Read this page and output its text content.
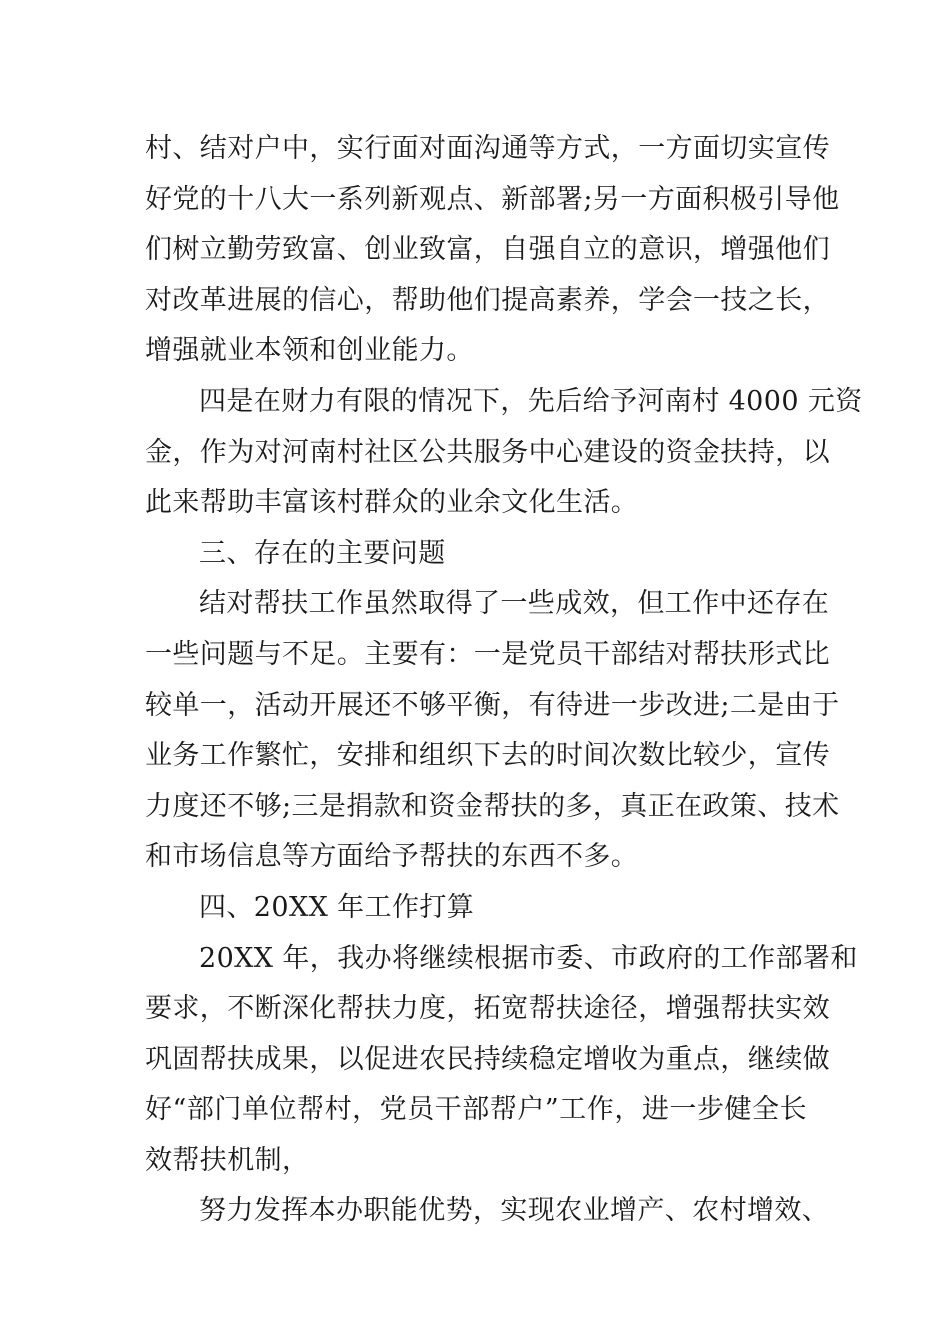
村、结对户中，实行面对面沟通等方式，一方面切实宣传
好党的十八大一系列新观点、新部署;另一方面积极引导他
们树立勤劳致富、创业致富，自强自立的意识，增强他们
对改革进展的信心，帮助他们提高素养，学会一技之长，
增强就业本领和创业能力。
四是在财力有限的情况下，先后给予河南村 4000 元资
金，作为对河南村社区公共服务中心建设的资金扶持，以
此来帮助丰富该村群众的业余文化生活。
三、存在的主要问题
结对帮扶工作虽然取得了一些成效，但工作中还存在
一些问题与不足。主要有：一是党员干部结对帮扶形式比
较单一，活动开展还不够平衡，有待进一步改进;二是由于
业务工作繁忙，安排和组织下去的时间次数比较少，宣传
力度还不够;三是捐款和资金帮扶的多，真正在政策、技术
和市场信息等方面给予帮扶的东西不多。
四、20XX 年工作打算
20XX 年，我办将继续根据市委、市政府的工作部署和
要求，不断深化帮扶力度，拓宽帮扶途径，增强帮扶实效
巩固帮扶成果，以促进农民持续稳定增收为重点，继续做
好“部门单位帮村，党员干部帮户”工作，进一步健全长
效帮扶机制，
努力发挥本办职能优势，实现农业增产、农村增效、
